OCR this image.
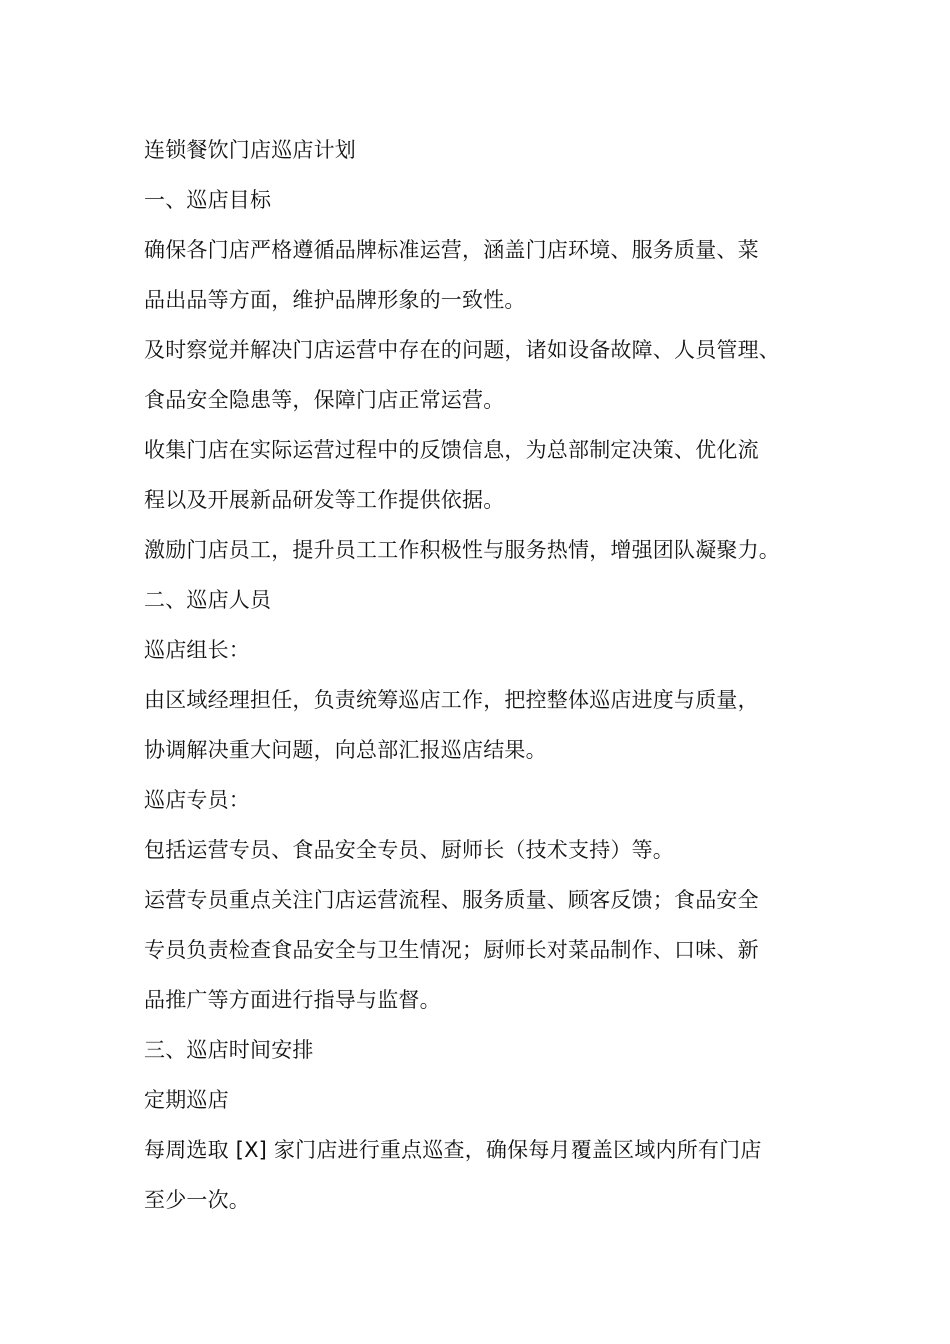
连锁餐饮门店巡店计划
一、巡店目标
确保各门店严格遵循品牌标准运营，涵盖门店环境、服务质量、菜
品出品等方面，维护品牌形象的一致性。
及时察觉并解决门店运营中存在的问题，诸如设备故障、人员管理、
食品安全隐患等，保障门店正常运营。
收集门店在实际运营过程中的反馈信息，为总部制定决策、优化流
程以及开展新品研发等工作提供依据。
激励门店员工，提升员工工作积极性与服务热情，增强团队凝聚力。
二、巡店人员
巡店组长：
由区域经理担任，负责统筹巡店工作，把控整体巡店进度与质量，
协调解决重大问题，向总部汇报巡店结果。
巡店专员：
包括运营专员、食品安全专员、厨师长（技术支持）等。
运营专员重点关注门店运营流程、服务质量、顾客反馈；食品安全
专员负责检查食品安全与卫生情况；厨师长对菜品制作、口味、新
品推广等方面进行指导与监督。
三、巡店时间安排
定期巡店
每周选取 [X] 家门店进行重点巡查，确保每月覆盖区域内所有门店
至少一次。
